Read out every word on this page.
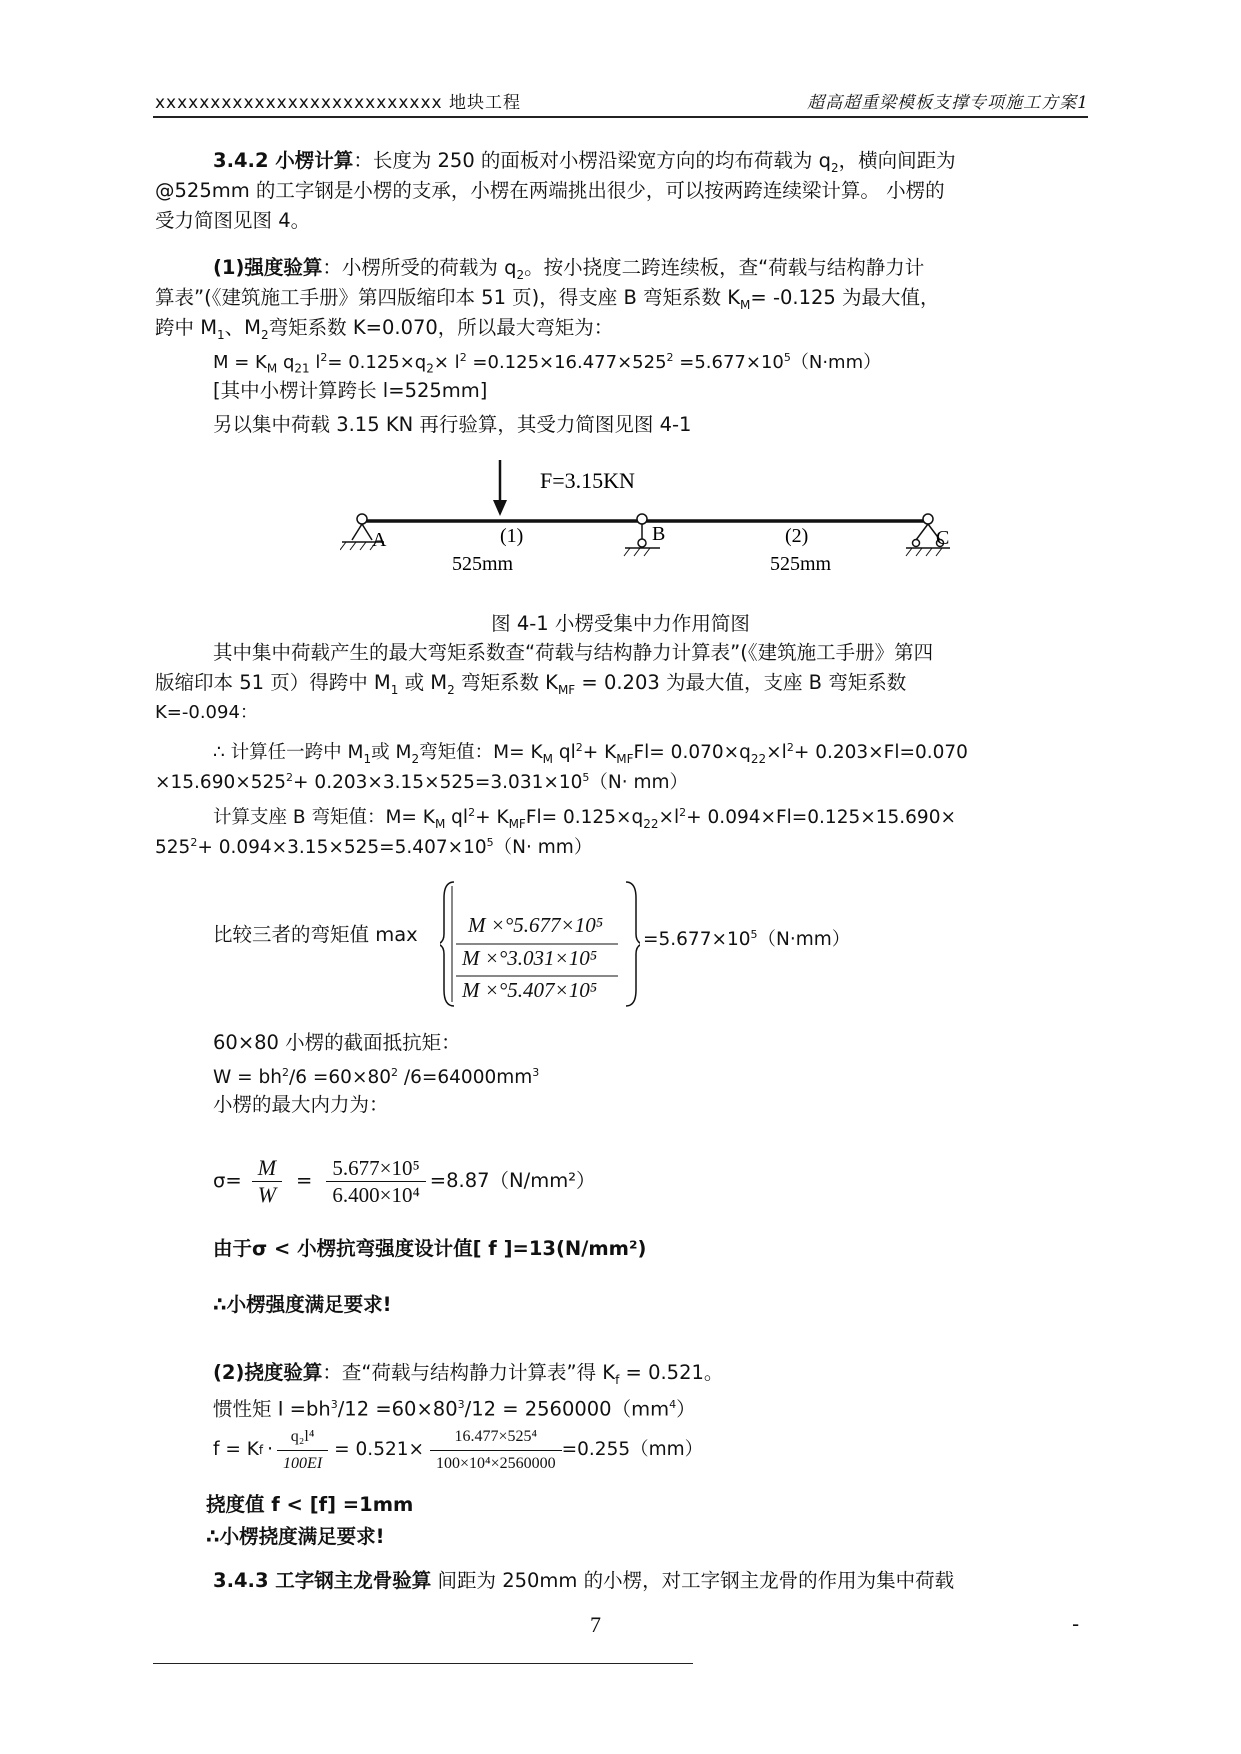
xxxxxxxxxxxxxxxxxxxxxxxxxx 地块工程	超高超重梁模板支撑专项施工方案1
3.4.2 小楞计算：长度为 250 的面板对小楞沿梁宽方向的均布荷载为 $q_2$，横向间距为
@525mm 的工字钢是小楞的支承，小楞在两端挑出很少，可以按两跨连续梁计算。 小楞的
受力简图见图 4。
(1)强度验算：小楞所受的荷载为 $q_2$。按小挠度二跨连续板，查“荷载与结构静力计
算表”(《建筑施工手册》第四版缩印本 51 页)，得支座 B 弯矩系数 $K_M= -0.125$ 为最大值，
跨中 $M_1$、$M_2$弯矩系数 K=0.070，所以最大弯矩为：
$M = K_M$ $q_{21}$ $l^2= 0.125\times q_2\times l^2 =0.125\times 16.477\times 525^2 =5.677\times 10^5(N\cdot mm)$
[其中小楞计算跨长 l=525mm]
另以集中荷载 3.15 KN 再行验算，其受力简图见图 4-1
F=3.15KN
A	B	C
(1)	(2)
525mm	525mm
图 4-1 小楞受集中力作用简图
其中集中荷载产生的最大弯矩系数查“荷载与结构静力计算表”(《建筑施工手册》第四
版缩印本 51 页）得跨中 $M_1$ 或 $M_2$ 弯矩系数 $K_{MF} = 0.203$ 为最大值，支座 B 弯矩系数
K=-0.094：
∴ 计算任一跨中 $M_1$或 $M_2$弯矩值：$M= K_M$ $ql^2+ K_{MF}Fl= 0.070\times q_{22}\times l^2+ 0.203\times Fl=0.070$
$\times 15.690\times 525^2+ 0.203\times 3.15\times 525=3.031\times 10^5(N\cdot mm)$
计算支座 B 弯矩值：$M= K_M$ $ql^2+ K_{MF}Fl= 0.125\times q_{22}\times l^2+ 0.094\times Fl=0.125\times 15.690\times$
$525^2+ 0.094\times 3.15\times 525=5.407\times 10^5(N\cdot mm)$
比较三者的弯矩值 max M ×°5.677×10⁵
M ×°3.031×10⁵
M ×°5.407×10⁵
$=5.677\times 10^5(N\cdot mm)$
60×80 小楞的截面抵抗矩：
$W = bh^2/6 =60\times 80^2$ $/6=64000mm^3$
小楞的最大内力为：
$\sigma= \frac{M}{W} = \frac{\text{5.677×10⁵}}{\text{6.400×10⁴}} =8.87(N/mm^2)$
由于σ < 小楞抗弯强度设计值[ f ]=13(N/mm²)
∴小楞强度满足要求!
(2)挠度验算：查“荷载与结构静力计算表”得 $K_f = 0.521$。
惯性矩 $I =bh^3/12 =60\times 80^3/12 = 2560000(mm^4)$
f = K $f \cdot \frac{\text{q₂l⁴}}{100EI} = 0.521\times \frac{\text{16.477×525⁴}}{\text{100×10⁴×2560000}} =0.255(mm)$
挠度值 f < [f] =1mm
∴小楞挠度满足要求!
3.4.3 工字钢主龙骨验算 间距为 250mm 的小楞，对工字钢主龙骨的作用为集中荷载
7	-
